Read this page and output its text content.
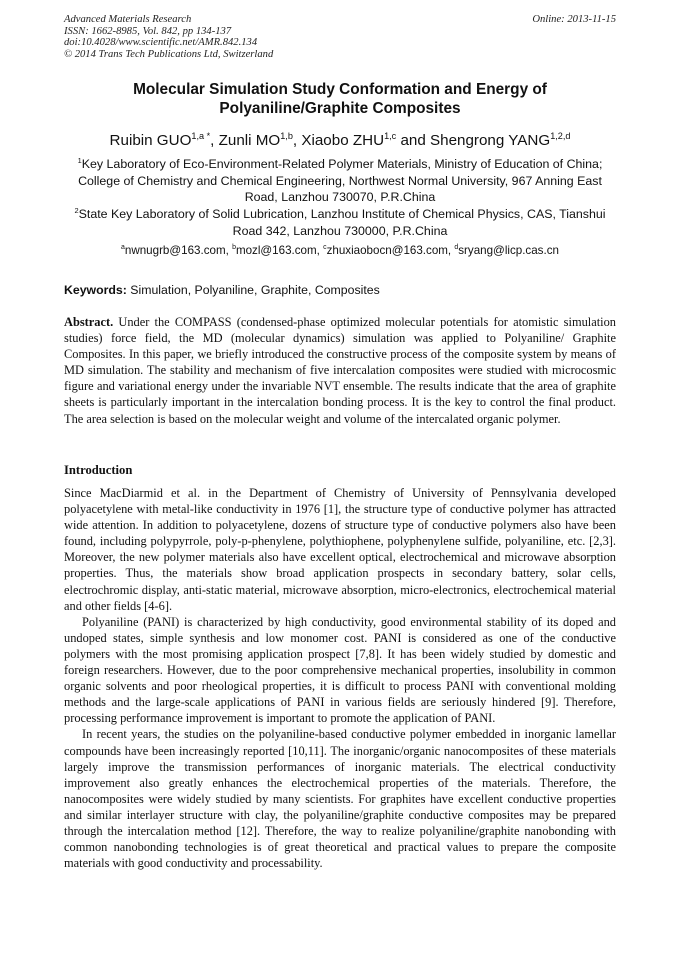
Advanced Materials Research
ISSN: 1662-8985, Vol. 842, pp 134-137
doi:10.4028/www.scientific.net/AMR.842.134
© 2014 Trans Tech Publications Ltd, Switzerland
Online: 2013-11-15
Molecular Simulation Study Conformation and Energy of
Polyaniline/Graphite Composites
Ruibin $GUO^{1,a *}$, Zunli MO$^{1,b}$, Xiaobo ZHU$^{1,c}$ and Shengrong YANG$^{1,2,d}$
$^1$Key Laboratory of Eco-Environment-Related Polymer Materials, Ministry of Education of China;
College of Chemistry and Chemical Engineering, Northwest Normal University, 967 Anning East
Road, Lanzhou 730070, P.R.China
$^2$State Key Laboratory of Solid Lubrication, Lanzhou Institute of Chemical Physics, CAS, Tianshui
Road 342, Lanzhou 730000, P.R.China
$^a$nwnugrb@163.com, $^b$mozl@163.com, $^c$zhuxiaobocn@163.com, $^d$sryang@licp.cas.cn
Keywords: Simulation, Polyaniline, Graphite, Composites

Abstract. Under the COMPASS (condensed-phase optimized molecular potentials for atomistic simulation studies) force field, the MD (molecular dynamics) simulation was applied to Polyaniline/ Graphite Composites. In this paper, we briefly introduced the constructive process of the composite system by means of MD simulation. The stability and mechanism of five intercalation composites were studied with microcosmic figure and variational energy under the invariable NVT ensemble. The results indicate that the area of graphite sheets is particularly important in the intercalation bonding process. It is the key to control the final product. The area selection is based on the molecular weight and volume of the intercalated organic polymer.

Introduction

Since MacDiarmid et al. in the Department of Chemistry of University of Pennsylvania developed polyacetylene with metal-like conductivity in 1976 [1], the structure type of conductive polymer has attracted wide attention. In addition to polyacetylene, dozens of structure type of conductive polymers also have been found, including polypyrrole, poly-p-phenylene, polythiophene, polyphenylene sulfide, polyaniline, etc. [2,3]. Moreover, the new polymer materials also have excellent optical, electrochemical and microwave absorption properties. Thus, the materials show broad application prospects in secondary battery, solar cells, electrochromic display, anti-static material, microwave absorption, micro-electronics, electrochemical material and other fields [4-6].

Polyaniline (PANI) is characterized by high conductivity, good environmental stability of its doped and undoped states, simple synthesis and low monomer cost. PANI is considered as one of the conductive polymers with the most promising application prospect [7,8]. It has been widely studied by domestic and foreign researchers. However, due to the poor comprehensive mechanical properties, insolubility in common organic solvents and poor rheological properties, it is difficult to process PANI with conventional molding methods and the large-scale applications of PANI in various fields are seriously hindered [9]. Therefore, processing performance improvement is important to promote the application of PANI.

In recent years, the studies on the polyaniline-based conductive polymer embedded in inorganic lamellar compounds have been increasingly reported [10,11]. The inorganic/organic nanocomposites of these materials largely improve the transmission performances of inorganic materials. The electrical conductivity improvement also greatly enhances the electrochemical properties of the materials. Therefore, the nanocomposites were widely studied by many scientists. For graphites have excellent conductive properties and similar interlayer structure with clay, the polyaniline/graphite conductive composites may be prepared through the intercalation method [12]. Therefore, the way to realize polyaniline/graphite nanobonding with common nanobonding technologies is of great theoretical and practical values to prepare the composite materials with good conductivity and processability.
